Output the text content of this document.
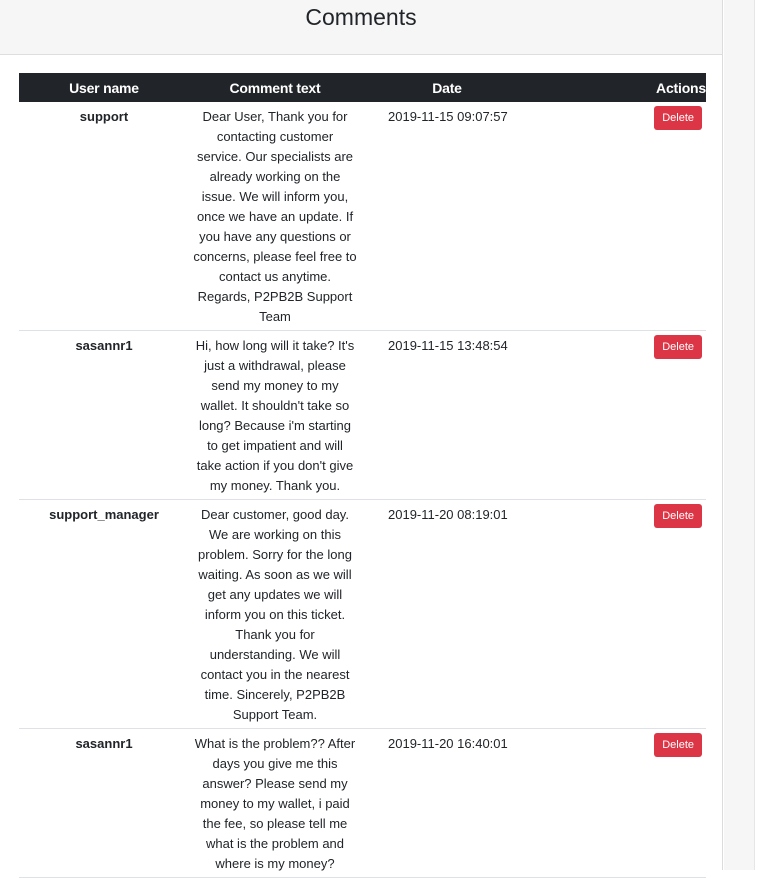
Comments
User name	Comment text	Date	Actions
support	Dear User, Thank you for contacting customer service. Our specialists are already working on the issue. We will inform you, once we have an update. If you have any questions or concerns, please feel free to contact us anytime. Regards, P2PB2B Support Team	2019-11-15 09:07:57	Delete
sasannr1	Hi, how long will it take? It's just a withdrawal, please send my money to my wallet. It shouldn't take so long? Because i'm starting to get impatient and will take action if you don't give my money. Thank you.	2019-11-15 13:48:54	Delete
support_manager	Dear customer, good day. We are working on this problem. Sorry for the long waiting. As soon as we will get any updates we will inform you on this ticket. Thank you for understanding. We will contact you in the nearest time. Sincerely, P2PB2B Support Team.	2019-11-20 08:19:01	Delete
sasannr1	What is the problem?? After days you give me this answer? Please send my money to my wallet, i paid the fee, so please tell me what is the problem and where is my money?	2019-11-20 16:40:01	Delete
